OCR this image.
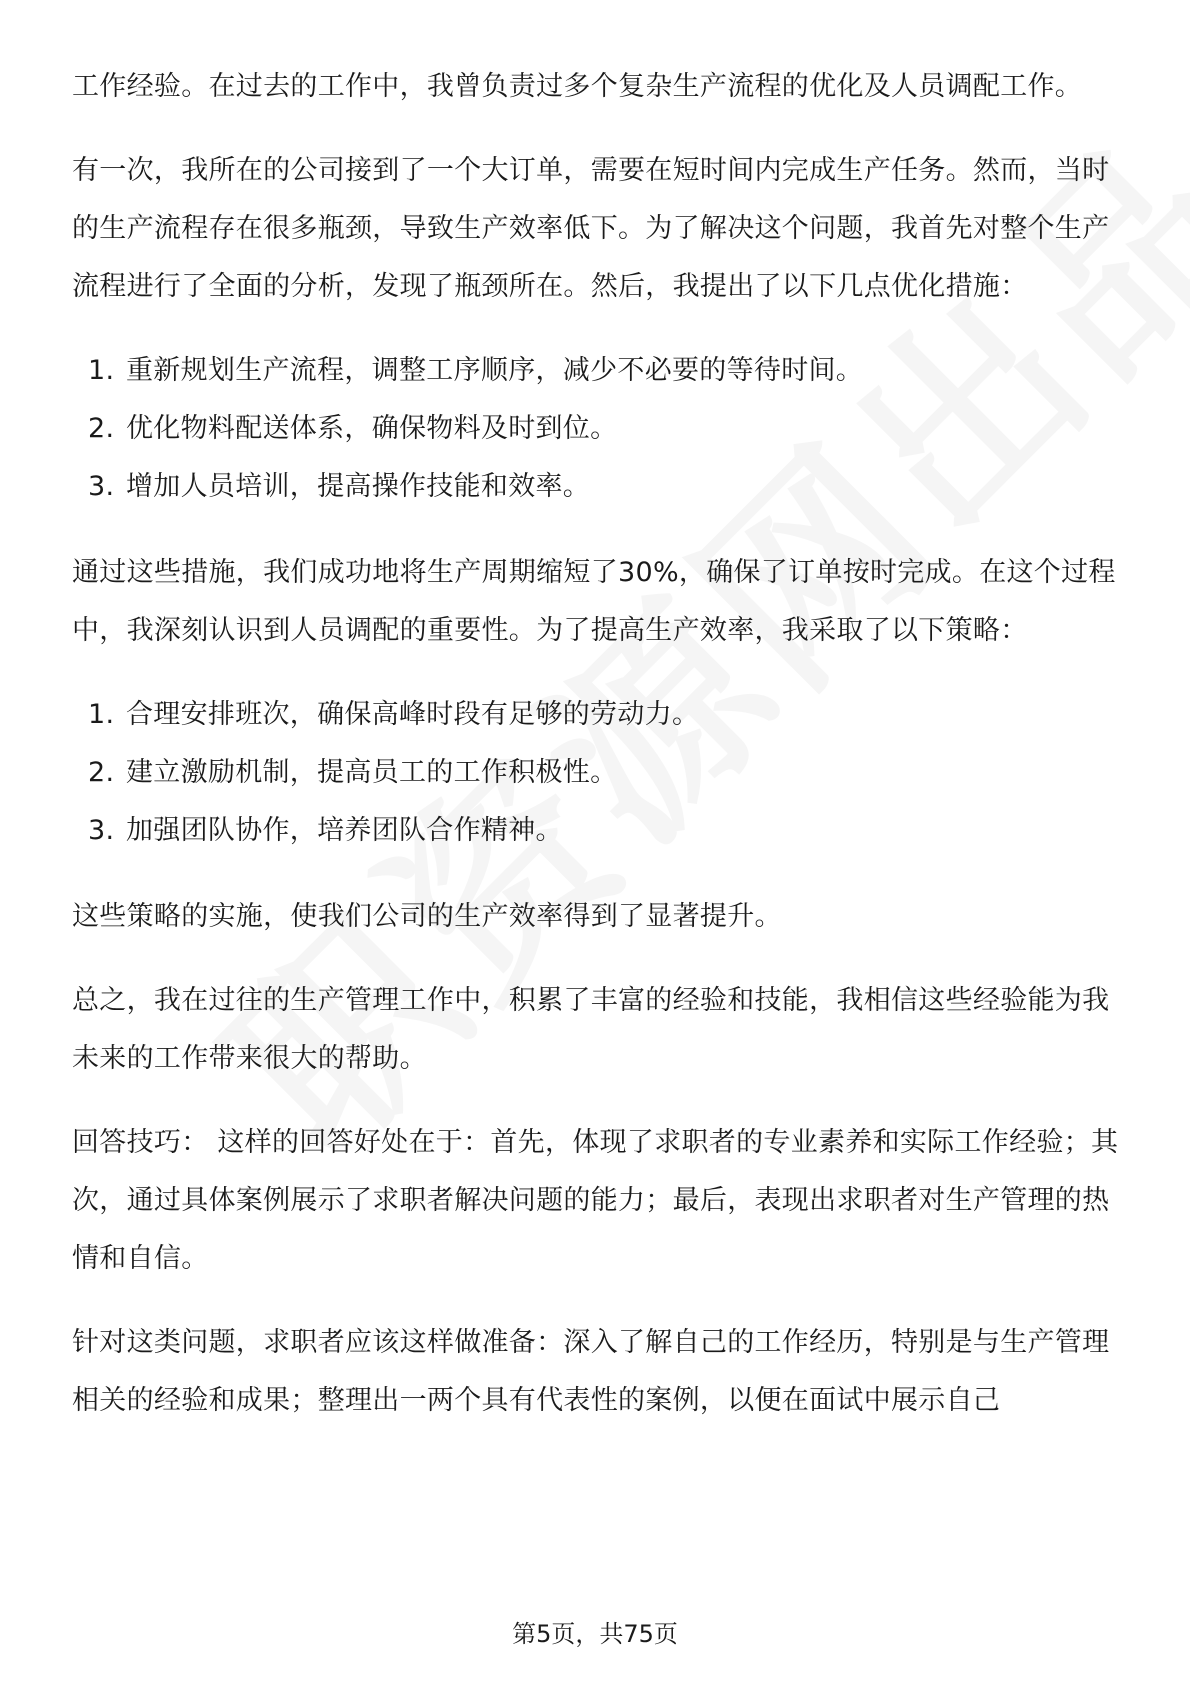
工作经验。在过去的工作中，我曾负责过多个复杂生产流程的优化及人员调配工作。

有一次，我所在的公司接到了一个大订单，需要在短时间内完成生产任务。然而，当时的生产流程存在很多瓶颈，导致生产效率低下。为了解决这个问题，我首先对整个生产流程进行了全面的分析，发现了瓶颈所在。然后，我提出了以下几点优化措施：

1. 重新规划生产流程，调整工序顺序，减少不必要的等待时间。
2. 优化物料配送体系，确保物料及时到位。
3. 增加人员培训，提高操作技能和效率。

通过这些措施，我们成功地将生产周期缩短了30%，确保了订单按时完成。在这个过程中，我深刻认识到人员调配的重要性。为了提高生产效率，我采取了以下策略：

1. 合理安排班次，确保高峰时段有足够的劳动力。
2. 建立激励机制，提高员工的工作积极性。
3. 加强团队协作，培养团队合作精神。

这些策略的实施，使我们公司的生产效率得到了显著提升。

总之，我在过往的生产管理工作中，积累了丰富的经验和技能，我相信这些经验能为我未来的工作带来很大的帮助。

回答技巧： 这样的回答好处在于：首先，体现了求职者的专业素养和实际工作经验；其次，通过具体案例展示了求职者解决问题的能力；最后，表现出求职者对生产管理的热情和自信。

针对这类问题，求职者应该这样做准备：深入了解自己的工作经历，特别是与生产管理相关的经验和成果；整理出一两个具有代表性的案例，以便在面试中展示自己

第5页，共75页
